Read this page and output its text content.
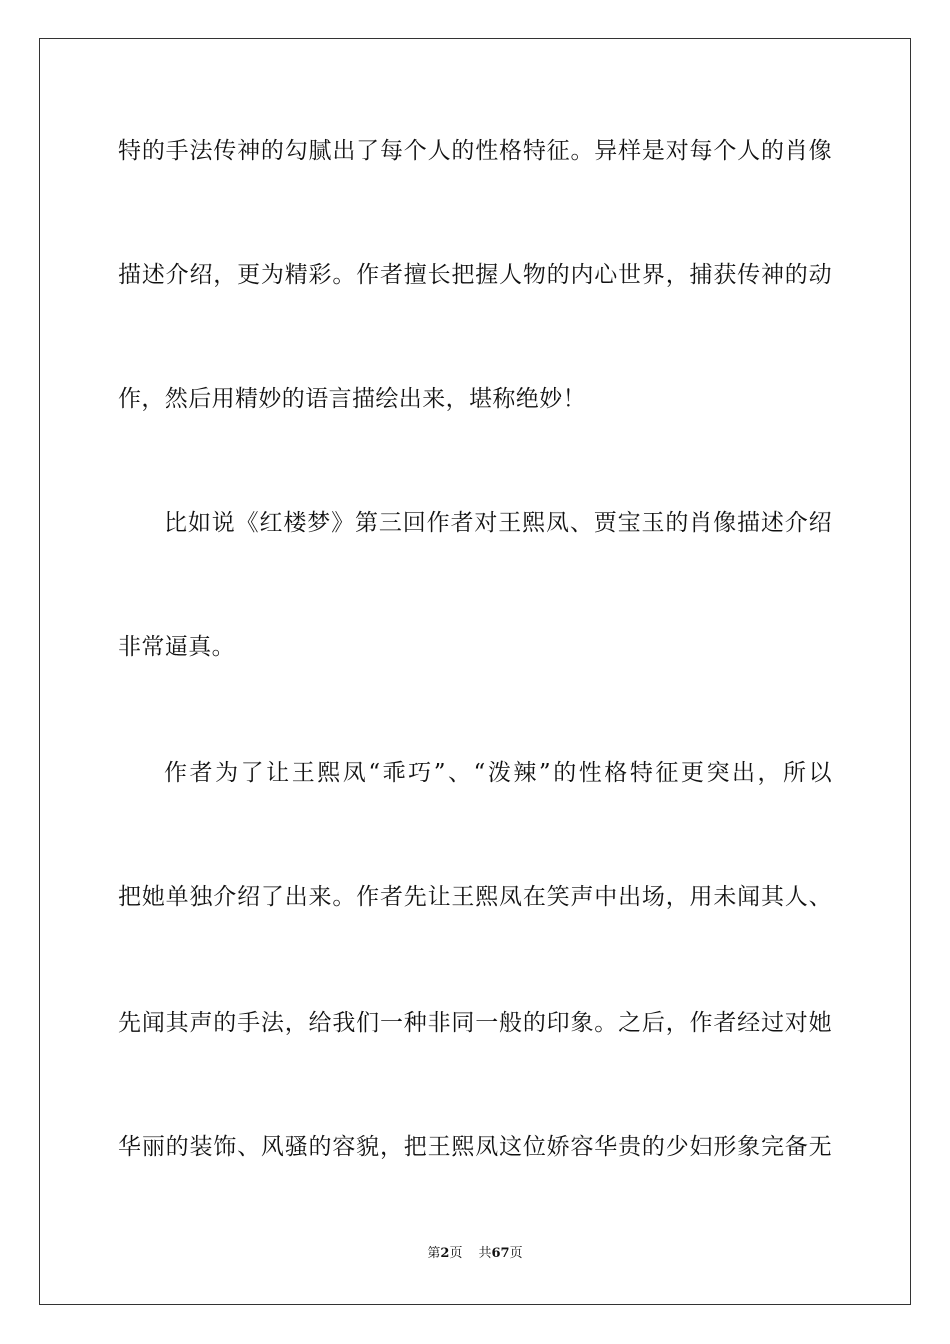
特的手法传神的勾腻出了每个人的性格特征。异样是对每个人的肖像
描述介绍，更为精彩。作者擅长把握人物的内心世界，捕获传神的动
作，然后用精妙的语言描绘出来，堪称绝妙！
比如说《红楼梦》第三回作者对王熙凤、贾宝玉的肖像描述介绍
非常逼真。
作者为了让王熙凤“乖巧”、“泼辣”的性格特征更突出，所以
把她单独介绍了出来。作者先让王熙凤在笑声中出场，用未闻其人、
先闻其声的手法，给我们一种非同一般的印象。之后，作者经过对她
华丽的装饰、风骚的容貌，把王熙凤这位娇容华贵的少妇形象完备无
第2页 共67页
